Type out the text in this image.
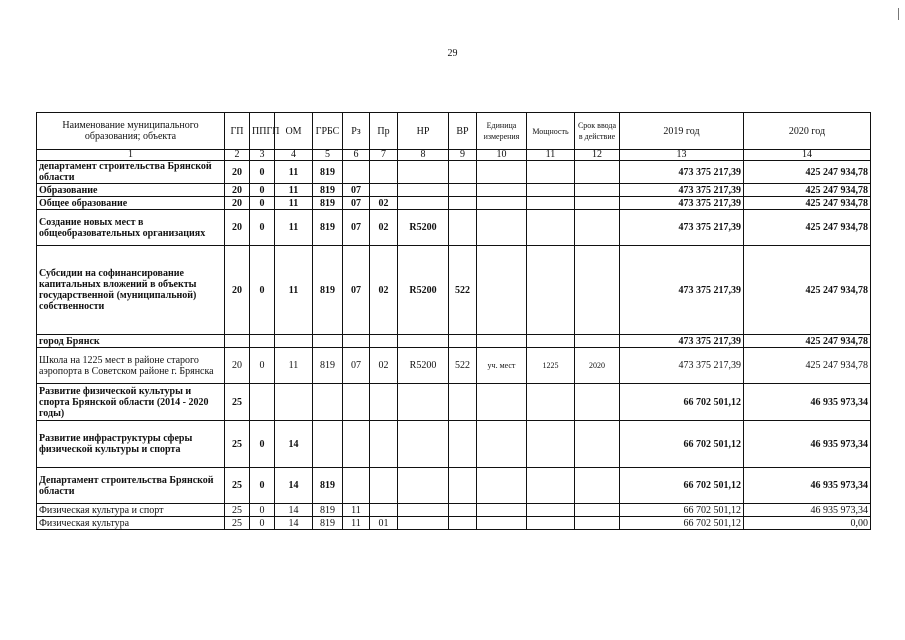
29
Наименование муниципального образования; объекта	ГП	ППГП	ОМ	ГРБС	Рз	Пр	НР	ВР	Единица измерения	Мощность	Срок ввода в действие	2019 год	2020 год
1	2	3	4	5	6	7	8	9	10	11	12	13	14
департамент строительства Брянской области	20	0	11	819								473 375 217,39	425 247 934,78
Образование	20	0	11	819	07							473 375 217,39	425 247 934,78
Общее образование	20	0	11	819	07	02						473 375 217,39	425 247 934,78
Создание новых мест в общеобразовательных организациях	20	0	11	819	07	02	R5200					473 375 217,39	425 247 934,78
Субсидии на софинансирование капитальных вложений в объекты государственной (муниципальной) собственности	20	0	11	819	07	02	R5200	522				473 375 217,39	425 247 934,78
город Брянск												473 375 217,39	425 247 934,78
Школа на 1225 мест в районе старого аэропорта в Советском районе г. Брянска	20	0	11	819	07	02	R5200	522	уч. мест	1225	2020	473 375 217,39	425 247 934,78
Развитие физической культуры и спорта Брянской области (2014 - 2020 годы)	25											66 702 501,12	46 935 973,34
Развитие инфраструктуры сферы физической культуры и спорта	25	0	14									66 702 501,12	46 935 973,34
Департамент строительства Брянской области	25	0	14	819								66 702 501,12	46 935 973,34
Физическая культура и спорт	25	0	14	819	11							66 702 501,12	46 935 973,34
Физическая культура	25	0	14	819	11	01						66 702 501,12	0,00
